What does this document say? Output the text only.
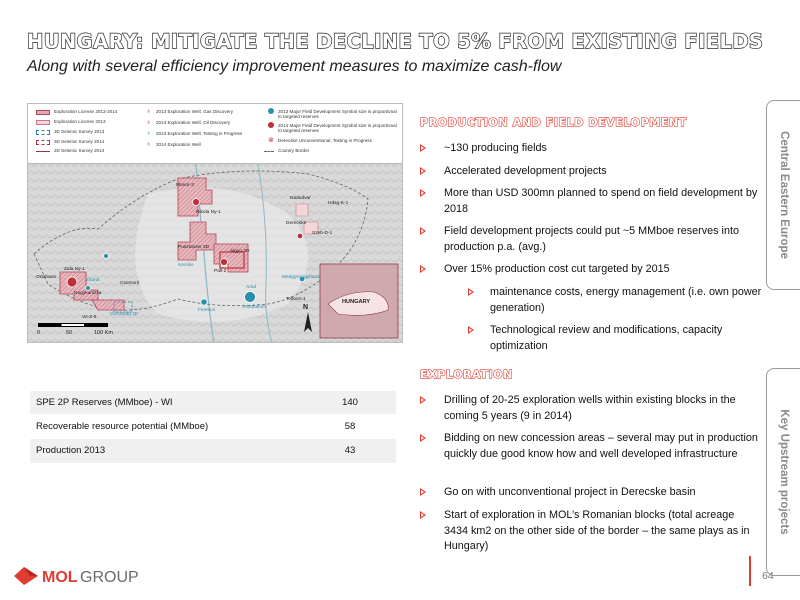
HUNGARY: MITIGATE THE DECLINE TO 5% FROM EXISTING FIELDS
Along with several efficiency improvement measures to maximize cash-flow
Central Eastern Europe
Key Upstream projects
Exploration License 2013-2014
Exploration License 2013
3D Seismic Survey 2013
3D Seismic Survey 2014
2D Seismic Survey 2014
♁ 2013 Exploration Well, Gas Discovery
♁ 2013 Exploration Well, Oil Discovery
♁ 2013 Exploration Well, Testing in Progress
♁ 2014 Exploration Well
2013 Major Field Development Symbol size is proportional to targeted reserves
2014 Major Field Development Symbol size is proportional to targeted reserves
⊗ Derecske Unconventional, Testing in Progress
Country Border
Monor-2
Nikola Ny-1
Nadudvar
Hdsg-K-1
Derecske
Szeb-D-1
Pusztaszer 3D
Algyo 3D
Pall-2
Zala Ny-1
Ortahaza
Zsana
Nagykanizsa
Csomorit
Gorospatj 3D
Vo-Z-5
Kecske
Asotthalom
Ferencs
Arad
Medgyesegyhaza
Totkom-1	HUNGARY
N
0	50	100 Km
SPE 2P Reserves (MMboe) - WI	140
Recoverable resource potential (MMboe)	58
Production 2013	43
PRODUCTION AND FIELD DEVELOPMENT
~130 producing fields
Accelerated development projects
More than USD 300mn planned to spend on field development by 2018
Field development projects could put ~5 MMboe reserves into production p.a. (avg.)
Over 15% production cost cut targeted by 2015
maintenance costs, energy management (i.e. own power generation)
Technological review and modifications, capacity optimization
EXPLORATION
Drilling of 20-25 exploration wells within existing blocks in the coming 5 years (9 in 2014)
Bidding on new concession areas – several may put in production quickly due good know how and well developed infrastructure
Go on with unconventional project in Derecske basin
Start of exploration in MOL’s Romanian blocks (total acreage 3434 km2 on the other side of the border – the same plays as in Hungary)
MOL GROUP	64
